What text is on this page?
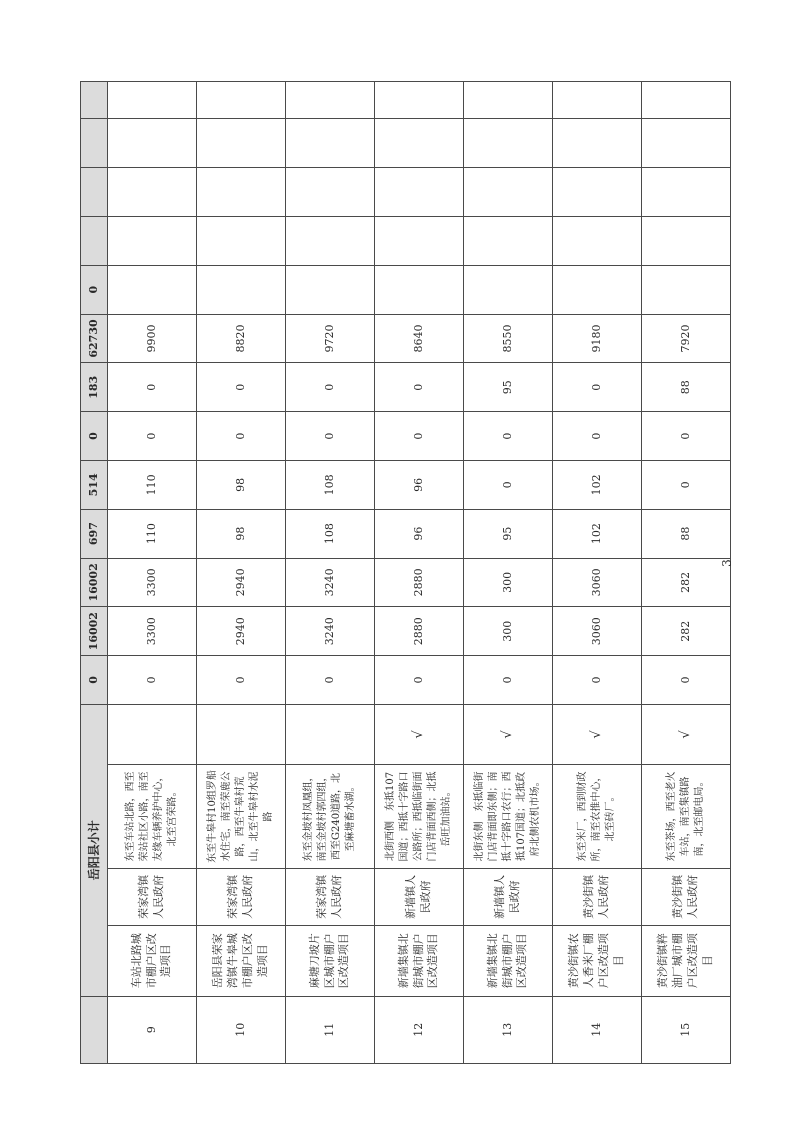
	岳阳县小计				0	16002	16002	697	514	0	183	62730	0				
9	车站北路城市棚户区改造项目	荣家湾镇人民政府	东至车站北路，西至荣站社区小路，南至友缘车辆养护中心，北至宫荣路。		0	3300	3300	110	110	0	0	9900					
10	岳阳县荣家湾镇牛皋城市棚户区改造项目	荣家湾镇人民政府	东至牛皋村10组罗船水住宅，南至荣鹿公路，西至牛皋村荒山，北至牛皋村水泥路		0	2940	2940	98	98	0	0	8820					
11	麻塘刀坡片区城市棚户区改造项目	荣家湾镇人民政府	东至金坡村凤凰组，南至金坡村郭四组，西至G240道路，北至麻塘畜水湖。		0	3240	3240	108	108	0	0	9720					
12	新墙集镇北街城市棚户区改造项目	新墙镇人民政府	北街西侧　东抵107国道；西抵十字路口公路所；西抵临街面门店背面西侧；北抵岳旺加油站。	√	0	2880	2880	96	96	0	0	8640					
13	新墙集镇北街城市棚户区改造项目	新墙镇人民政府	北街东侧　东抵临街门店背面即东侧；南抵十字路口农行；西抵107国道；北抵政府北侧农机市场。	√	0	300	300	95	0	0	95	8550					
14	黄沙街镇农人香米厂棚户区改造项目	黄沙街镇人民政府	东至米厂，西到财政所，南至农推中心，北至砖厂。	√	0	3060	3060	102	102	0	0	9180					
15	黄沙街镇粹油厂城市棚户区改造项目	黄沙街镇人民政府	东至茶场，西至老火车站，南至集镇路南，北至邮电局。	√	0	282	282	88	0	0	88	7920					
3
